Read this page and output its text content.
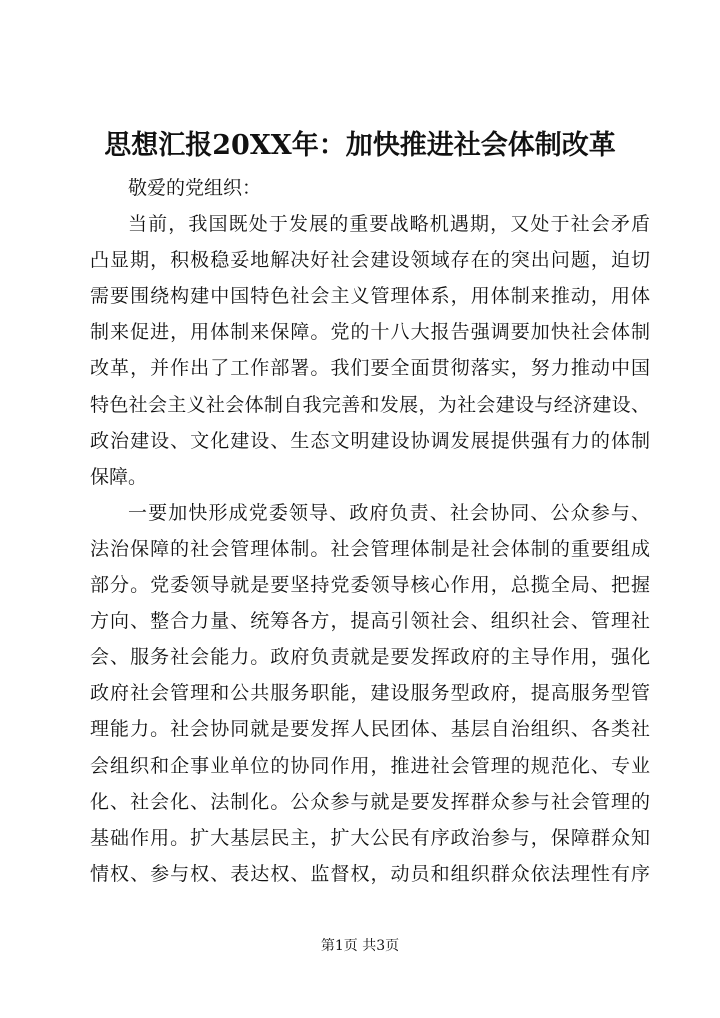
思想汇报20XX年：加快推进社会体制改革
敬爱的党组织：
当前，我国既处于发展的重要战略机遇期，又处于社会矛盾
凸显期，积极稳妥地解决好社会建设领域存在的突出问题，迫切
需要围绕构建中国特色社会主义管理体系，用体制来推动，用体
制来促进，用体制来保障。党的十八大报告强调要加快社会体制
改革，并作出了工作部署。我们要全面贯彻落实，努力推动中国
特色社会主义社会体制自我完善和发展，为社会建设与经济建设、
政治建设、文化建设、生态文明建设协调发展提供强有力的体制
保障。
一要加快形成党委领导、政府负责、社会协同、公众参与、
法治保障的社会管理体制。社会管理体制是社会体制的重要组成
部分。党委领导就是要坚持党委领导核心作用，总揽全局、把握
方向、整合力量、统筹各方，提高引领社会、组织社会、管理社
会、服务社会能力。政府负责就是要发挥政府的主导作用，强化
政府社会管理和公共服务职能，建设服务型政府，提高服务型管
理能力。社会协同就是要发挥人民团体、基层自治组织、各类社
会组织和企事业单位的协同作用，推进社会管理的规范化、专业
化、社会化、法制化。公众参与就是要发挥群众参与社会管理的
基础作用。扩大基层民主，扩大公民有序政治参与，保障群众知
情权、参与权、表达权、监督权，动员和组织群众依法理性有序
第1页 共3页
